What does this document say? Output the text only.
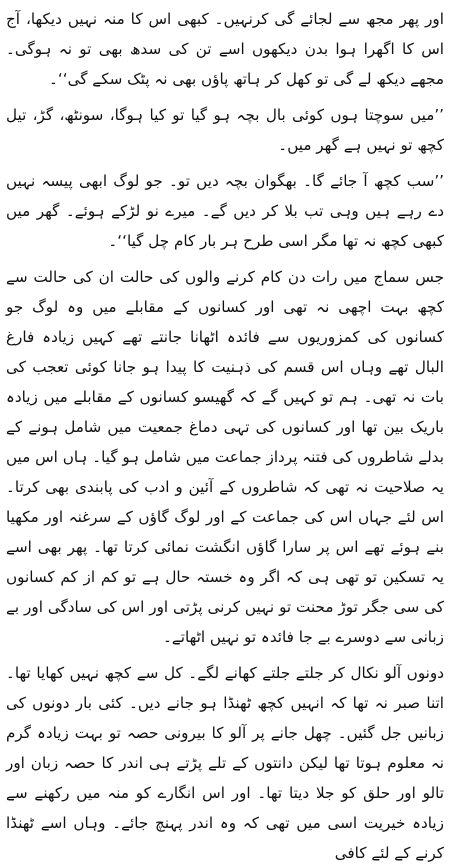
اور پھر مجھ سے لجائے گی کرنہیں۔ کبھی اس کا منہ نہیں دیکھا، آج اس کا اگھرا ہوا بدن دیکھوں اسے تن کی سدھ بھی تو نہ ہوگی۔ مجھے دیکھ لے گی تو کھل کر ہاتھ پاؤں بھی نہ پٹک سکے گی‘‘۔

’’میں سوچتا ہوں کوئی بال بچہ ہو گیا تو کیا ہوگا، سونٹھ، گڑ، تیل کچھ تو نہیں ہے گھر میں۔

’’سب کچھ آ جائے گا۔ بھگوان بچہ دیں تو۔ جو لوگ ابھی پیسہ نہیں دے رہے ہیں وہی تب بلا کر دیں گے۔ میرے نو لڑکے ہوئے۔ گھر میں کبھی کچھ نہ تھا مگر اسی طرح ہر بار کام چل گیا‘‘۔

جس سماج میں رات دن کام کرنے والوں کی حالت ان کی حالت سے کچھ بہت اچھی نہ تھی اور کسانوں کے مقابلے میں وہ لوگ جو کسانوں کی کمزوریوں سے فائدہ اٹھانا جانتے تھے کہیں زیادہ فارغ البال تھے وہاں اس قسم کی ذہنیت کا پیدا ہو جانا کوئی تعجب کی بات نہ تھی۔ ہم تو کہیں گے کہ گھیسو کسانوں کے مقابلے میں زیادہ باریک بین تھا اور کسانوں کی تہی دماغ جمعیت میں شامل ہونے کے بدلے شاطروں کی فتنہ پرداز جماعت میں شامل ہو گیا۔ ہاں اس میں یہ صلاحیت نہ تھی کہ شاطروں کے آئین و ادب کی پابندی بھی کرتا۔ اس لئے جہاں اس کی جماعت کے اور لوگ گاؤں کے سرغنہ اور مکھیا بنے ہوئے تھے اس پر سارا گاؤں انگشت نمائی کرتا تھا۔ پھر بھی اسے یہ تسکین تو تھی ہی کہ اگر وہ خستہ حال ہے تو کم از کم کسانوں کی سی جگر توڑ محنت تو نہیں کرنی پڑتی اور اس کی سادگی اور بے زبانی سے دوسرے بے جا فائدہ تو نہیں اٹھاتے۔

دونوں آلو نکال کر جلتے جلتے کھانے لگے۔ کل سے کچھ نہیں کھایا تھا۔ اتنا صبر نہ تھا کہ انہیں کچھ ٹھنڈا ہو جانے دیں۔ کئی بار دونوں کی زبانیں جل گئیں۔ چھل جانے پر آلو کا بیرونی حصہ تو بہت زیادہ گرم نہ معلوم ہوتا تھا لیکن دانتوں کے تلے پڑتے ہی اندر کا حصہ زبان اور تالو اور حلق کو جلا دیتا تھا۔ اور اس انگارے کو منہ میں رکھنے سے زیادہ خیریت اسی میں تھی کہ وہ اندر پہنچ جائے۔ وہاں اسے ٹھنڈا کرنے کے لئے کافی
